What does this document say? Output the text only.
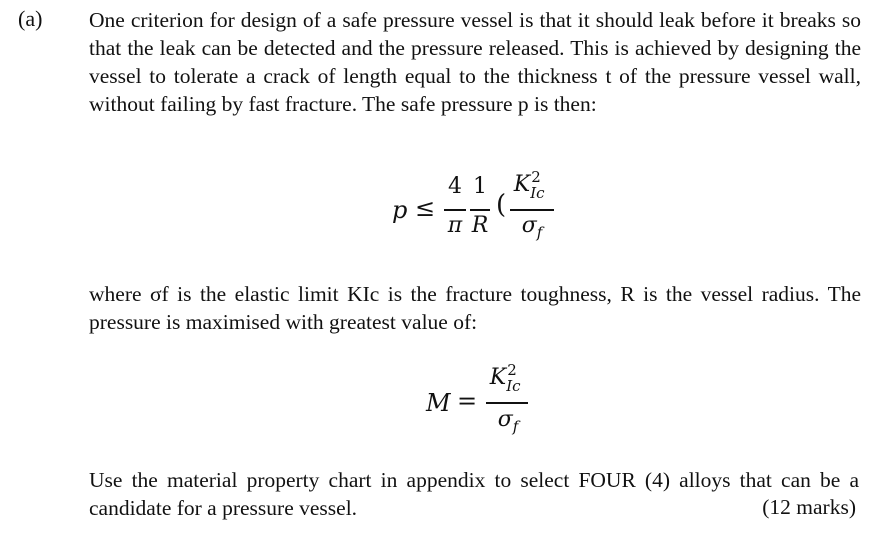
(a) One criterion for design of a safe pressure vessel is that it should leak before it breaks so that the leak can be detected and the pressure released. This is achieved by designing the vessel to tolerate a crack of length equal to the thickness t of the pressure vessel wall, without failing by fast fracture. The safe pressure p is then:

p ≤
4
π
1
R
(
K 2
Ic
$\sigma_f$

where σf is the elastic limit KIc is the fracture toughness, R is the vessel radius. The pressure is maximised with greatest value of:

M =
K 2
Ic
$\sigma_f$

Use the material property chart in appendix to select FOUR (4) alloys that can be a candidate for a pressure vessel.	(12 marks)
